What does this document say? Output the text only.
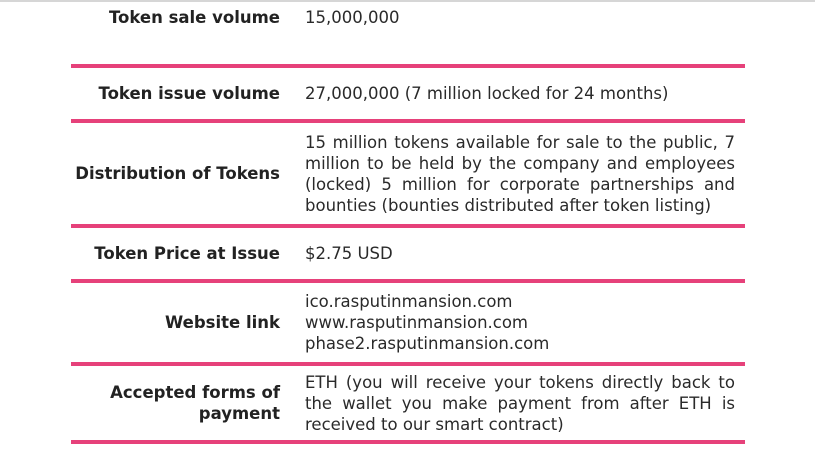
Token sale volume 15,000,000
Token issue volume 27,000,000 (7 million locked for 24 months)
Distribution of Tokens
15 million tokens available for sale to the public, 7 million to be held by the company and employees (locked) 5 million for corporate partnerships and bounties (bounties distributed after token listing)
Token Price at Issue $2.75 USD
Website link
ico.rasputinmansion.com
www.rasputinmansion.com
phase2.rasputinmansion.com
Accepted forms of payment
ETH (you will receive your tokens directly back to the wallet you make payment from after ETH is received to our smart contract)
